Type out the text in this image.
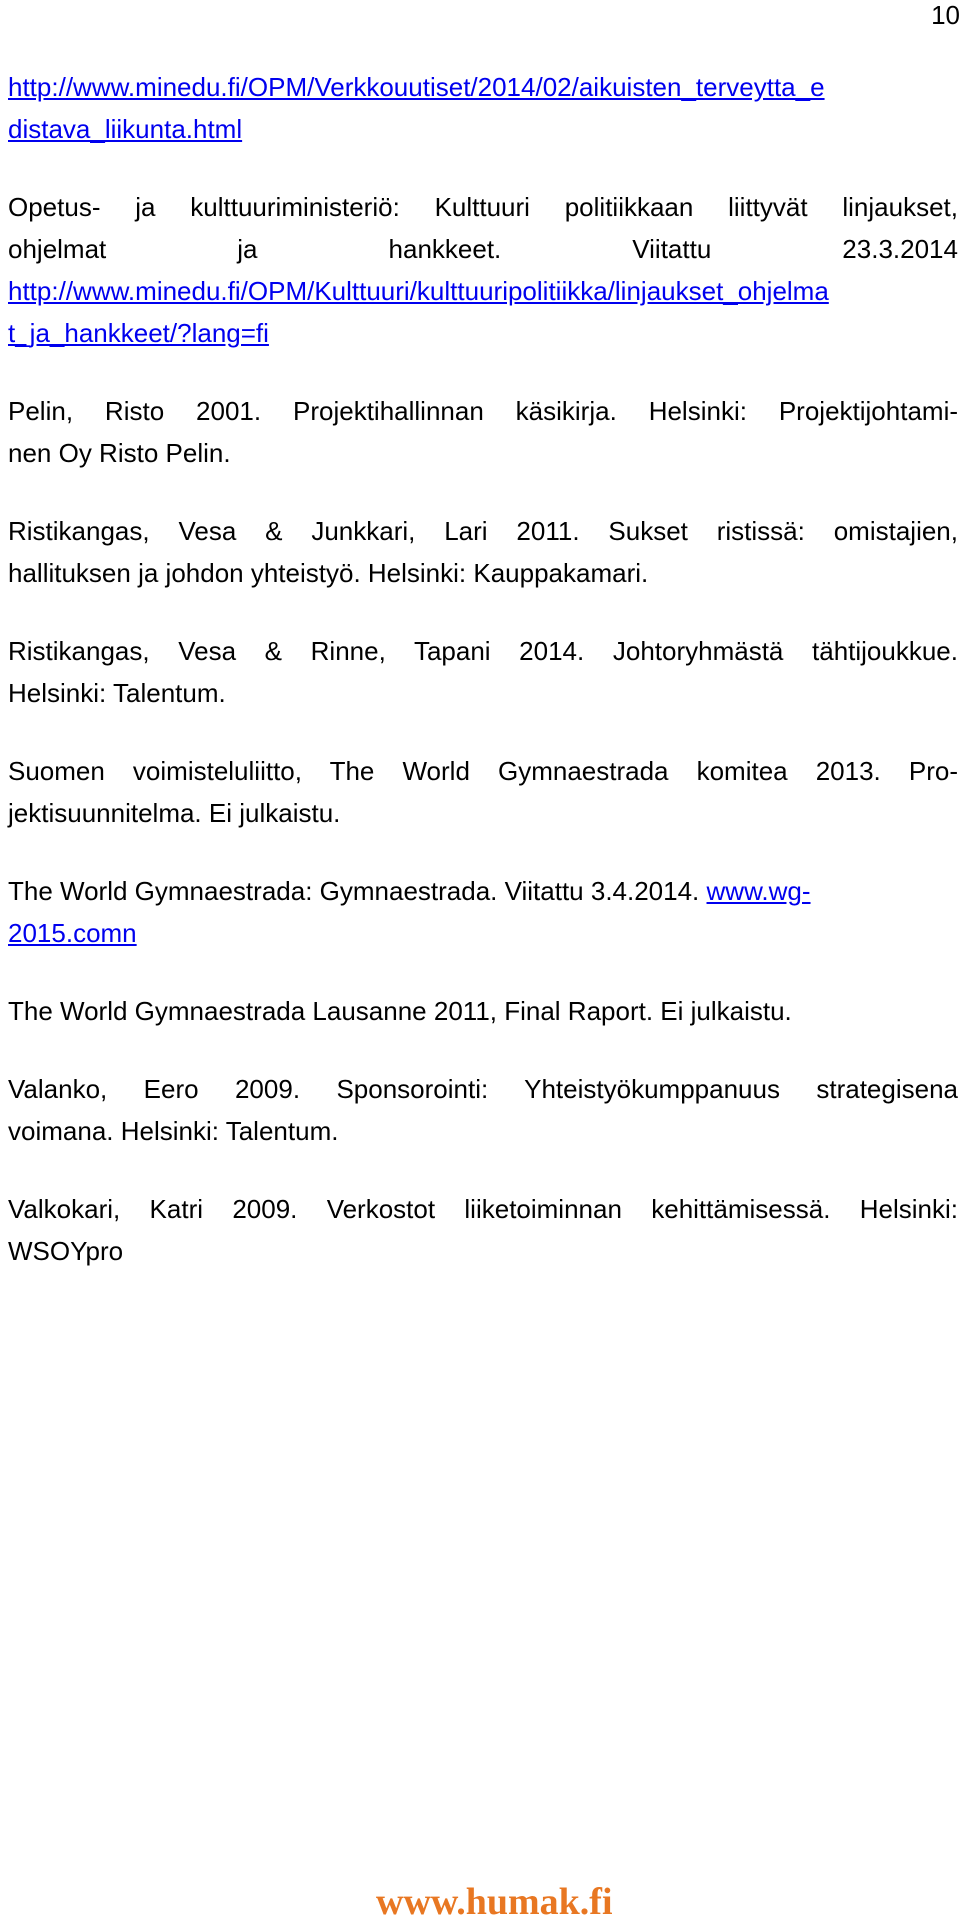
10

http://www.minedu.fi/OPM/Verkkouutiset/2014/02/aikuisten_terveytta_e
distava_liikunta.html

Opetus- ja kulttuuriministeriö: Kulttuuri politiikkaan liittyvät linjaukset,
ohjelmat	ja	hankkeet.	Viitattu	23.3.2014
http://www.minedu.fi/OPM/Kulttuuri/kulttuuripolitiikka/linjaukset_ohjelma
t_ja_hankkeet/?lang=fi

Pelin, Risto 2001. Projektihallinnan käsikirja. Helsinki: Projektijohtami-
nen Oy Risto Pelin.

Ristikangas, Vesa & Junkkari, Lari 2011. Sukset ristissä: omistajien,
hallituksen ja johdon yhteistyö. Helsinki: Kauppakamari.

Ristikangas, Vesa & Rinne, Tapani 2014. Johtoryhmästä tähtijoukkue.
Helsinki: Talentum.

Suomen voimisteluliitto, The World Gymnaestrada komitea 2013. Pro-
jektisuunnitelma. Ei julkaistu.

The World Gymnaestrada: Gymnaestrada. Viitattu 3.4.2014. www.wg-
2015.comn

The World Gymnaestrada Lausanne 2011, Final Raport. Ei julkaistu.

Valanko, Eero 2009. Sponsorointi: Yhteistyökumppanuus strategisena
voimana. Helsinki: Talentum.

Valkokari, Katri 2009. Verkostot liiketoiminnan kehittämisessä. Helsinki:
WSOYpro

www.humak.fi
